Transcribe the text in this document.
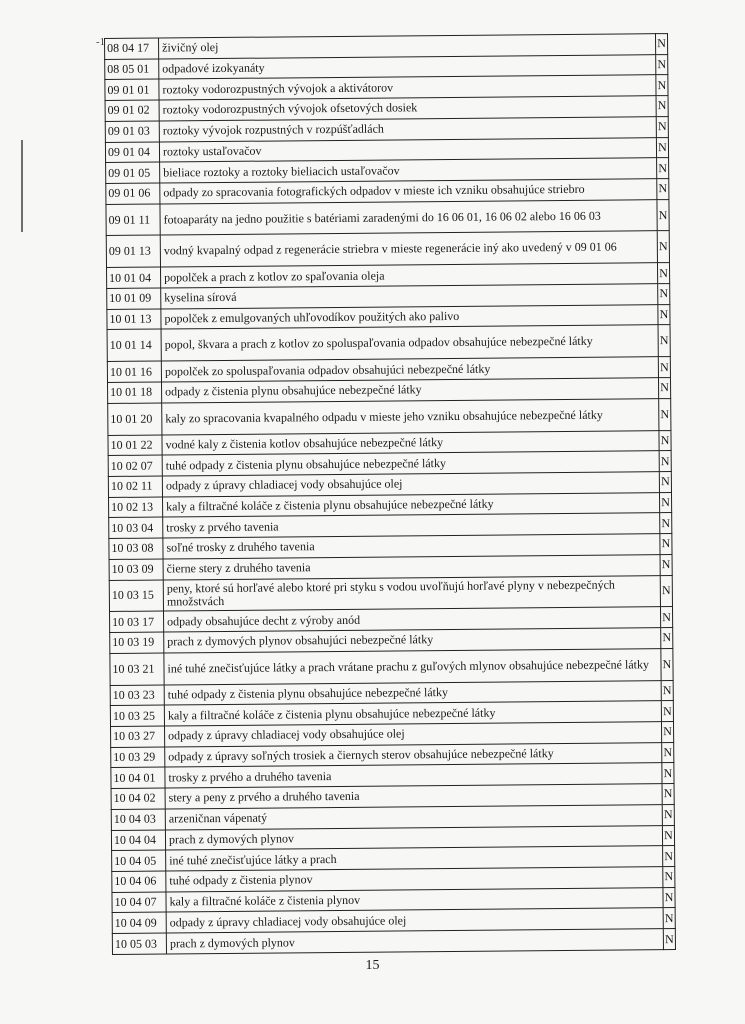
-1 08 04 17	živičný olej	N
08 05 01	odpadové izokyanáty	N
09 01 01	roztoky vodorozpustných vývojok a aktivátorov	N
09 01 02	roztoky vodorozpustných vývojok ofsetových dosiek	N
09 01 03	roztoky vývojok rozpustných v rozpúšťadlách	N
09 01 04	roztoky ustaľovačov	N
09 01 05	bieliace roztoky a roztoky bieliacich ustaľovačov	N
09 01 06	odpady zo spracovania fotografických odpadov v mieste ich vzniku obsahujúce striebro	N
09 01 11	fotoaparáty na jedno použitie s batériami zaradenými do 16 06 01, 16 06 02 alebo 16 06 03	N
09 01 13	vodný kvapalný odpad z regenerácie striebra v mieste regenerácie iný ako uvedený v 09 01 06	N
10 01 04	popolček a prach z kotlov zo spaľovania oleja	N
10 01 09	kyselina sírová	N
10 01 13	popolček z emulgovaných uhľovodíkov použitých ako palivo	N
10 01 14	popol, škvara a prach z kotlov zo spoluspaľovania odpadov obsahujúce nebezpečné látky	N
10 01 16	popolček zo spoluspaľovania odpadov obsahujúci nebezpečné látky	N
10 01 18	odpady z čistenia plynu obsahujúce nebezpečné látky	N
10 01 20	kaly zo spracovania kvapalného odpadu v mieste jeho vzniku obsahujúce nebezpečné látky	N
10 01 22	vodné kaly z čistenia kotlov obsahujúce nebezpečné látky	N
10 02 07	tuhé odpady z čistenia plynu obsahujúce nebezpečné látky	N
10 02 11	odpady z úpravy chladiacej vody obsahujúce olej	N
10 02 13	kaly a filtračné koláče z čistenia plynu obsahujúce nebezpečné látky	N
10 03 04	trosky z prvého tavenia	N
10 03 08	soľné trosky z druhého tavenia	N
10 03 09	čierne stery z druhého tavenia	N
10 03 15	peny, ktoré sú horľavé alebo ktoré pri styku s vodou uvoľňujú horľavé plyny v nebezpečných množstvách	N
10 03 17	odpady obsahujúce decht z výroby anód	N
10 03 19	prach z dymových plynov obsahujúci nebezpečné látky	N
10 03 21	iné tuhé znečisťujúce látky a prach vrátane prachu z guľových mlynov obsahujúce nebezpečné látky	N
10 03 23	tuhé odpady z čistenia plynu obsahujúce nebezpečné látky	N
10 03 25	kaly a filtračné koláče z čistenia plynu obsahujúce nebezpečné látky	N
10 03 27	odpady z úpravy chladiacej vody obsahujúce olej	N
10 03 29	odpady z úpravy soľných trosiek a čiernych sterov obsahujúce nebezpečné látky	N
10 04 01	trosky z prvého a druhého tavenia	N
10 04 02	stery a peny z prvého a druhého tavenia	N
10 04 03	arzeničnan vápenatý	N
10 04 04	prach z dymových plynov	N
10 04 05	iné tuhé znečisťujúce látky a prach	N
10 04 06	tuhé odpady z čistenia plynov	N
10 04 07	kaly a filtračné koláče z čistenia plynov	N
10 04 09	odpady z úpravy chladiacej vody obsahujúce olej	N
10 05 03	prach z dymových plynov	N
15
